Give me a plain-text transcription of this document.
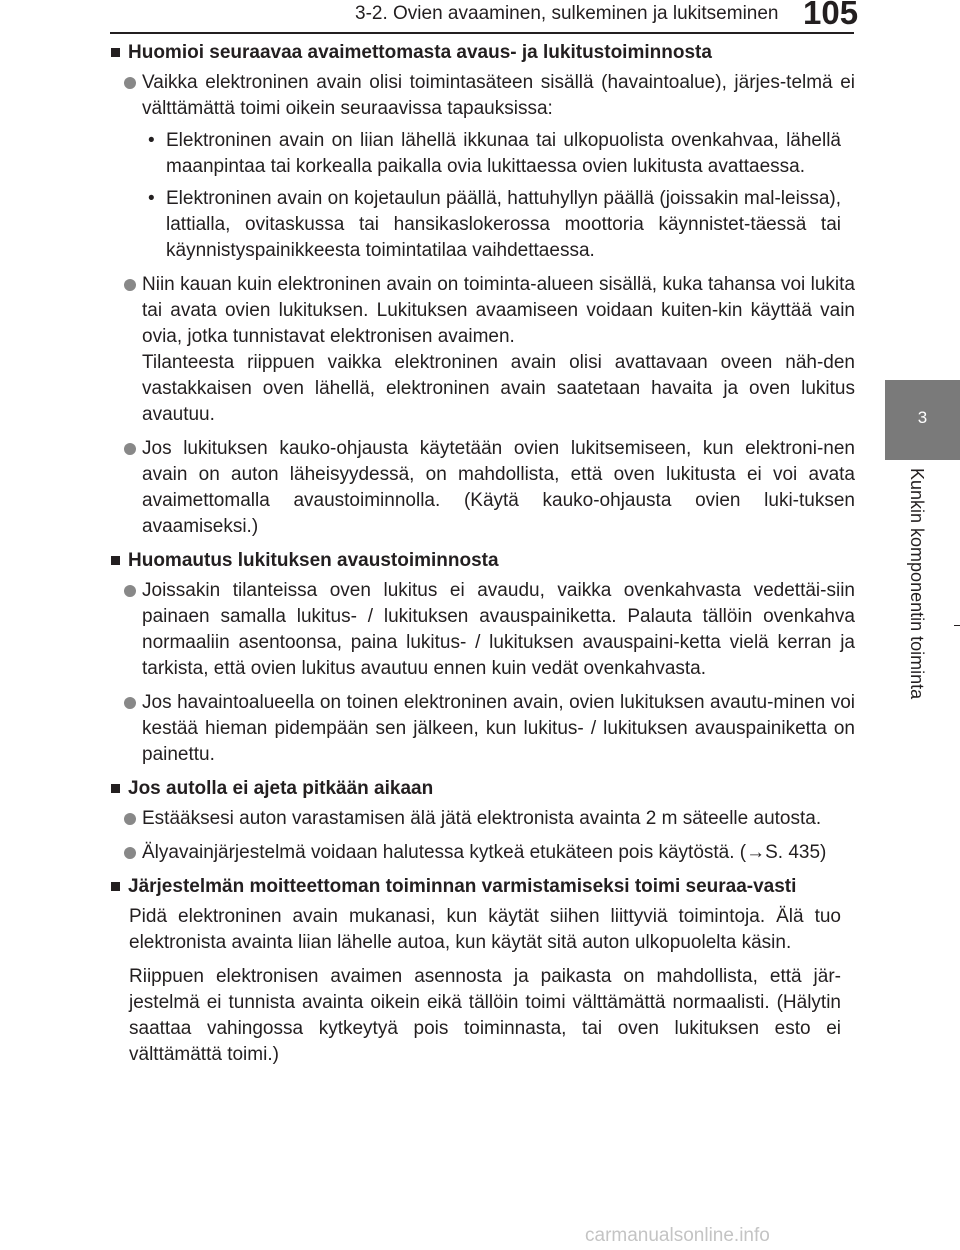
3-2. Ovien avaaminen, sulkeminen ja lukitseminen 105
3
Kunkin komponentin toiminta
Huomioi seuraavaa avaimettomasta avaus- ja lukitustoiminnosta

Vaikka elektroninen avain olisi toimintasäteen sisällä (havaintoalue), järjes-telmä ei välttämättä toimi oikein seuraavissa tapauksissa:

• Elektroninen avain on liian lähellä ikkunaa tai ulkopuolista ovenkahvaa, lähellä maanpintaa tai korkealla paikalla ovia lukittaessa ovien lukitusta avattaessa.
• Elektroninen avain on kojetaulun päällä, hattuhyllyn päällä (joissakin mal-leissa), lattialla, ovitaskussa tai hansikaslokerossa moottoria käynnistet-täessä tai käynnistyspainikkeesta toimintatilaa vaihdettaessa.

Niin kauan kuin elektroninen avain on toiminta-alueen sisällä, kuka tahansa voi lukita tai avata ovien lukituksen. Lukituksen avaamiseen voidaan kuiten-kin käyttää vain ovia, jotka tunnistavat elektronisen avaimen.

Tilanteesta riippuen vaikka elektroninen avain olisi avattavaan oveen näh-den vastakkaisen oven lähellä, elektroninen avain saatetaan havaita ja oven lukitus avautuu.

Jos lukituksen kauko-ohjausta käytetään ovien lukitsemiseen, kun elektroni-nen avain on auton läheisyydessä, on mahdollista, että oven lukitusta ei voi avata avaimettomalla avaustoiminnolla. (Käytä kauko-ohjausta ovien luki-tuksen avaamiseksi.)

Huomautus lukituksen avaustoiminnosta

Joissakin tilanteissa oven lukitus ei avaudu, vaikka ovenkahvasta vedettäi-siin painaen samalla lukitus- / lukituksen avauspainiketta. Palauta tällöin ovenkahva normaaliin asentoonsa, paina lukitus- / lukituksen avauspaini-ketta vielä kerran ja tarkista, että ovien lukitus avautuu ennen kuin vedät ovenkahvasta.

Jos havaintoalueella on toinen elektroninen avain, ovien lukituksen avautu-minen voi kestää hieman pidempään sen jälkeen, kun lukitus- / lukituksen avauspainiketta on painettu.

Jos autolla ei ajeta pitkään aikaan

Estääksesi auton varastamisen älä jätä elektronista avainta 2 m säteelle autosta.

Älyavainjärjestelmä voidaan halutessa kytkeä etukäteen pois käytöstä. (→S. 435)

Järjestelmän moitteettoman toiminnan varmistamiseksi toimi seuraa-vasti

Pidä elektroninen avain mukanasi, kun käytät siihen liittyviä toimintoja. Älä tuo elektronista avainta liian lähelle autoa, kun käytät sitä auton ulkopuolelta käsin.

Riippuen elektronisen avaimen asennosta ja paikasta on mahdollista, että jär-jestelmä ei tunnista avainta oikein eikä tällöin toimi välttämättä normaalisti. (Hälytin saattaa vahingossa kytkeytyä pois toiminnasta, tai oven lukituksen esto ei välttämättä toimi.)

carmanualsonline.info
